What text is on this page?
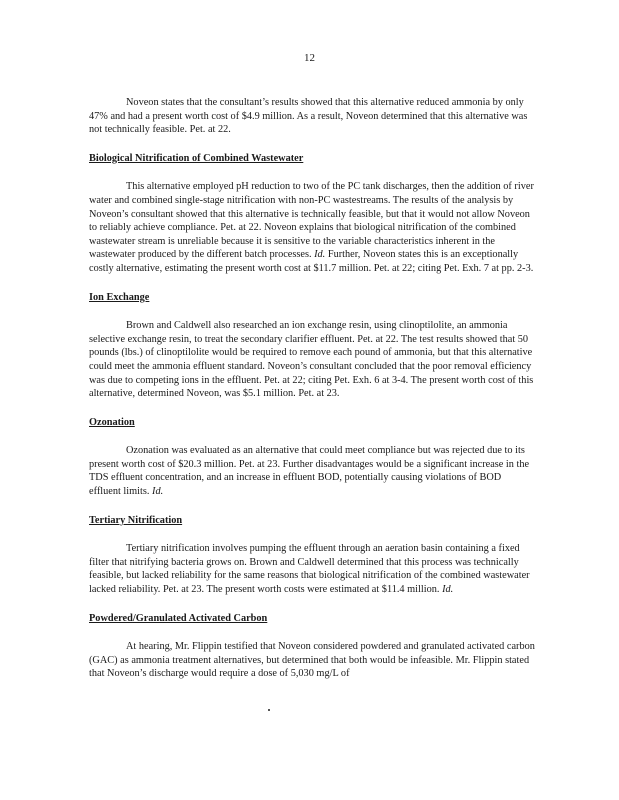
12

Noveon states that the consultant’s results showed that this alternative reduced ammonia by only 47% and had a present worth cost of $4.9 million. As a result, Noveon determined that this alternative was not technically feasible. Pet. at 22.

Biological Nitrification of Combined Wastewater

This alternative employed pH reduction to two of the PC tank discharges, then the addition of river water and combined single-stage nitrification with non-PC wastestreams. The results of the analysis by Noveon’s consultant showed that this alternative is technically feasible, but that it would not allow Noveon to reliably achieve compliance. Pet. at 22. Noveon explains that biological nitrification of the combined wastewater stream is unreliable because it is sensitive to the variable characteristics inherent in the wastewater produced by the different batch processes. Id. Further, Noveon states this is an exceptionally costly alternative, estimating the present worth cost at $11.7 million. Pet. at 22; citing Pet. Exh. 7 at pp. 2-3.

Ion Exchange

Brown and Caldwell also researched an ion exchange resin, using clinoptilolite, an ammonia selective exchange resin, to treat the secondary clarifier effluent. Pet. at 22. The test results showed that 50 pounds (lbs.) of clinoptilolite would be required to remove each pound of ammonia, but that this alternative could meet the ammonia effluent standard. Noveon’s consultant concluded that the poor removal efficiency was due to competing ions in the effluent. Pet. at 22; citing Pet. Exh. 6 at 3-4. The present worth cost of this alternative, determined Noveon, was $5.1 million. Pet. at 23.

Ozonation

Ozonation was evaluated as an alternative that could meet compliance but was rejected due to its present worth cost of $20.3 million. Pet. at 23. Further disadvantages would be a significant increase in the TDS effluent concentration, and an increase in effluent BOD, potentially causing violations of BOD effluent limits. Id.

Tertiary Nitrification

Tertiary nitrification involves pumping the effluent through an aeration basin containing a fixed filter that nitrifying bacteria grows on. Brown and Caldwell determined that this process was technically feasible, but lacked reliability for the same reasons that biological nitrification of the combined wastewater lacked reliability. Pet. at 23. The present worth costs were estimated at $11.4 million. Id.

Powdered/Granulated Activated Carbon

At hearing, Mr. Flippin testified that Noveon considered powdered and granulated activated carbon (GAC) as ammonia treatment alternatives, but determined that both would be infeasible. Mr. Flippin stated that Noveon’s discharge would require a dose of 5,030 mg/L of
